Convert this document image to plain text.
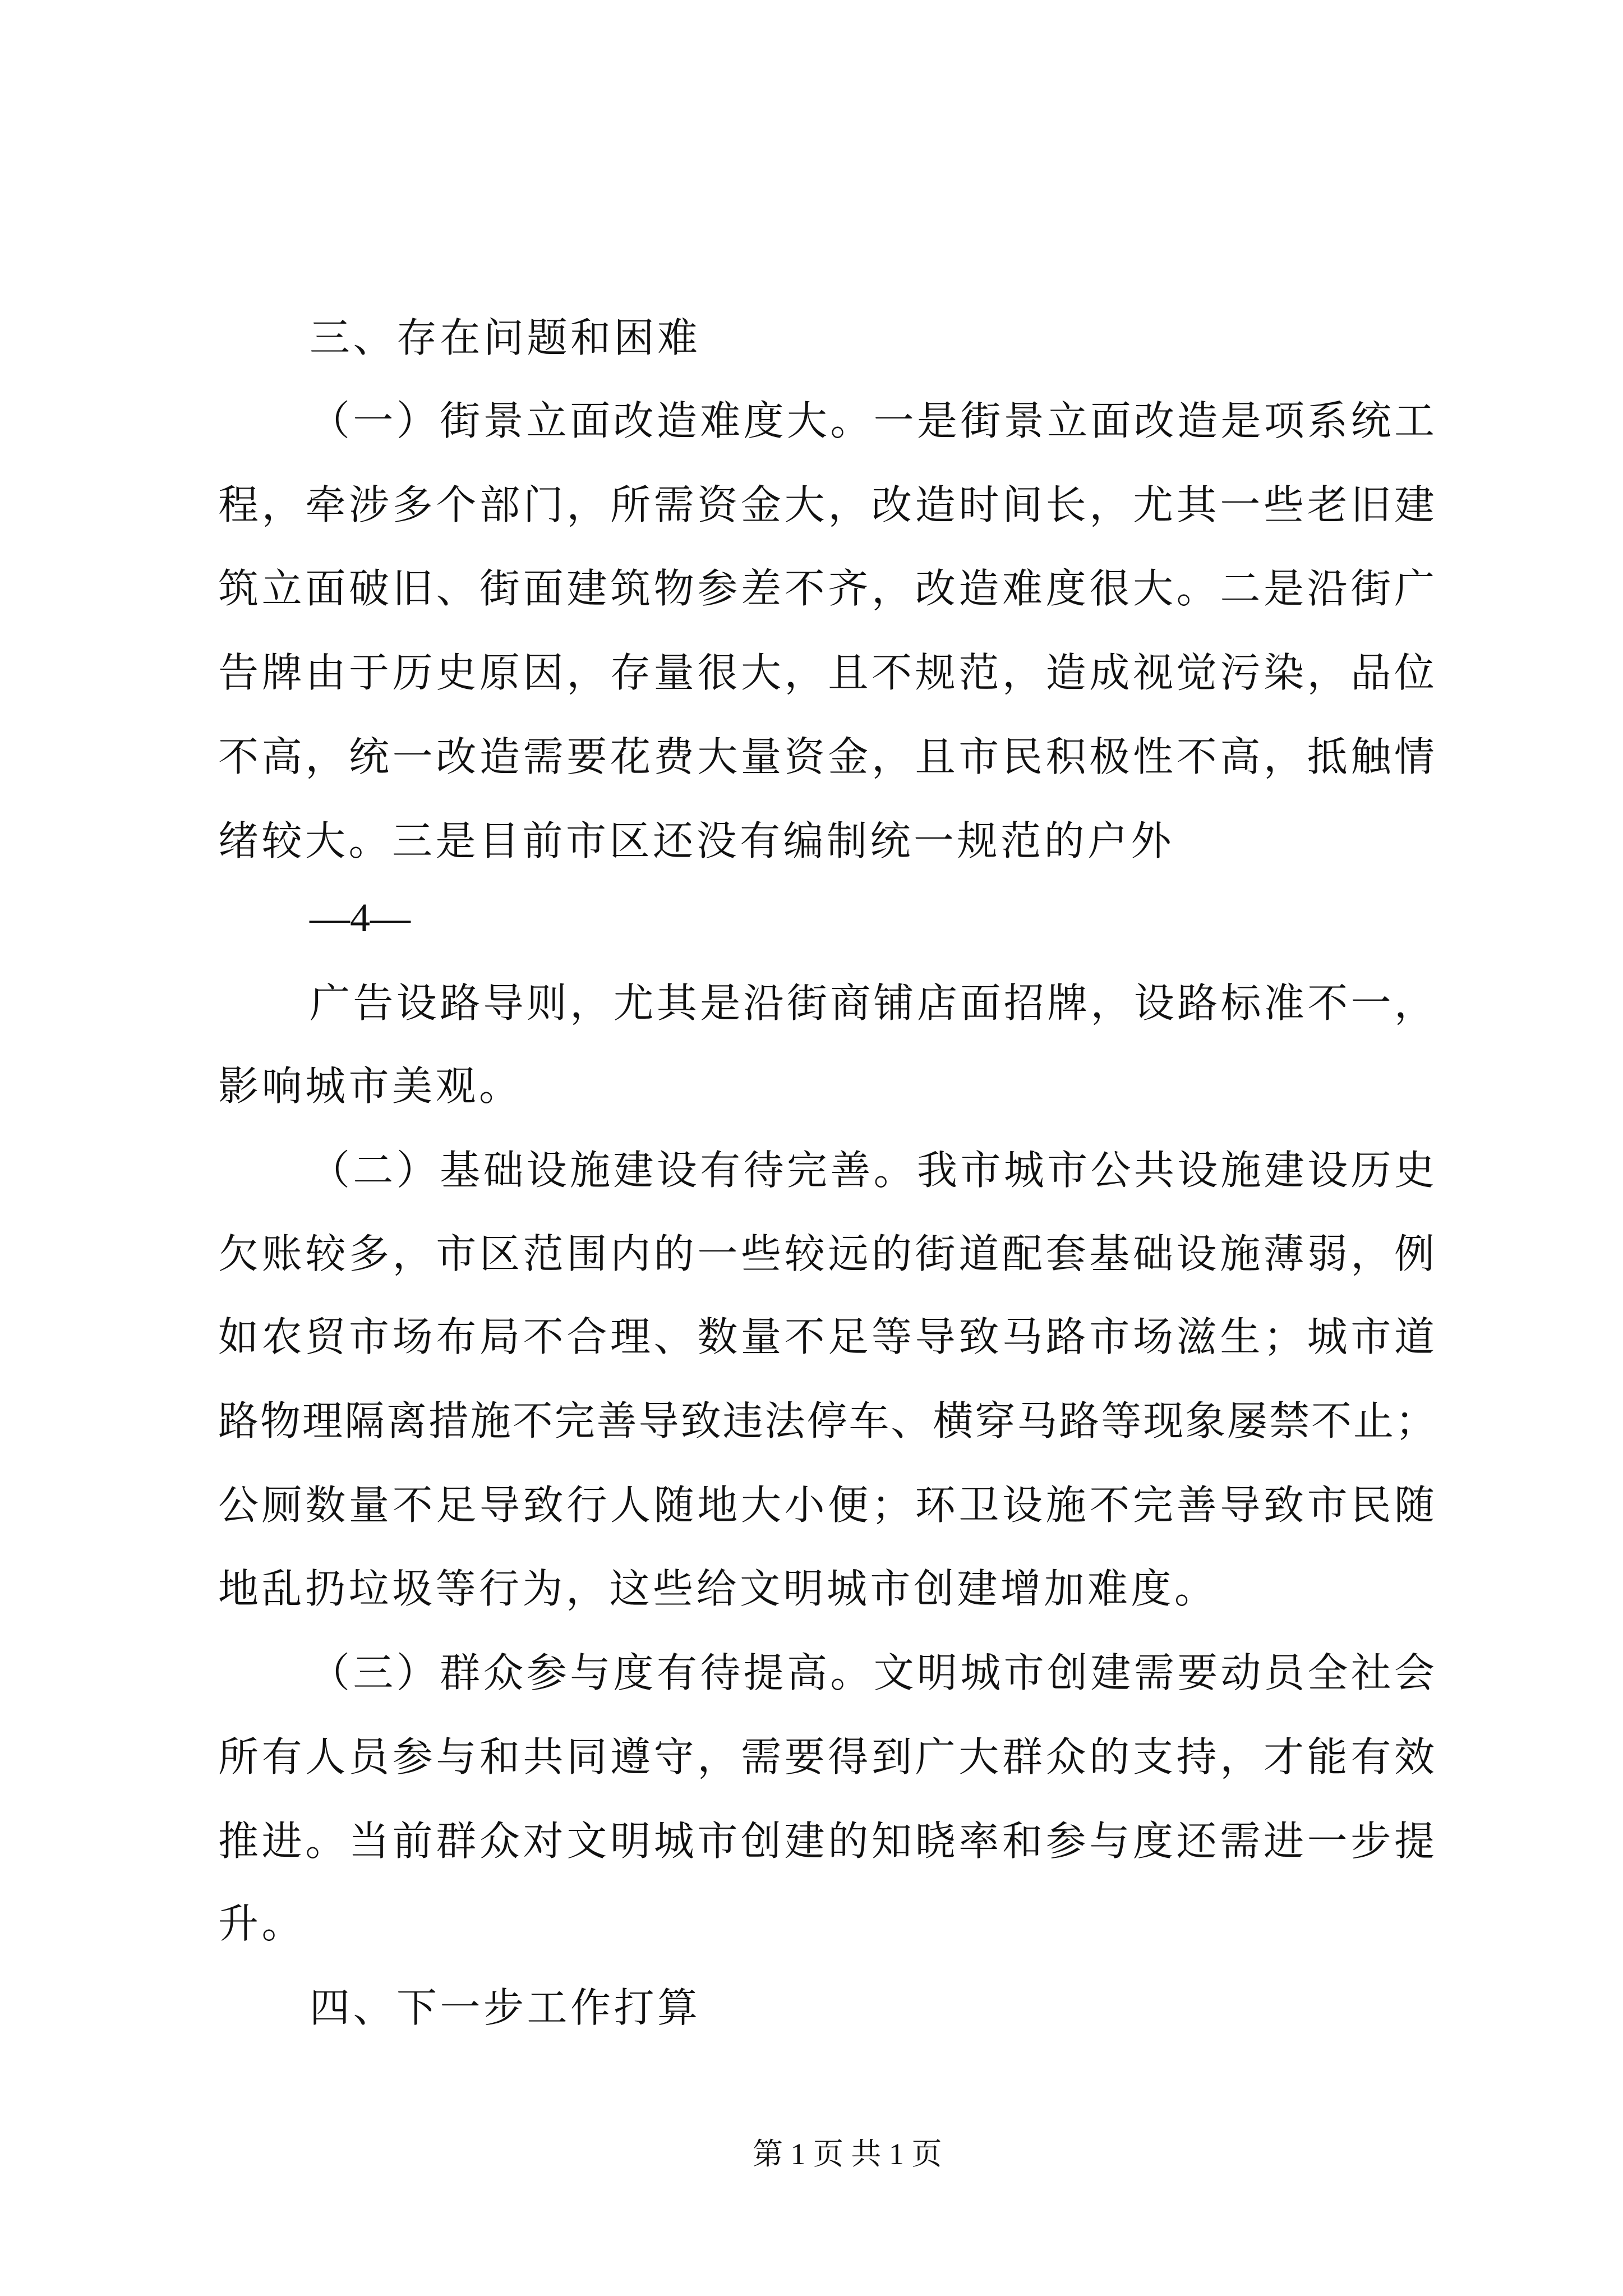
三、存在问题和困难
（一）街景立面改造难度大。一是街景立面改造是项系统工
程，牵涉多个部门，所需资金大，改造时间长，尤其一些老旧建
筑立面破旧、街面建筑物参差不齐，改造难度很大。二是沿街广
告牌由于历史原因，存量很大，且不规范，造成视觉污染，品位
不高，统一改造需要花费大量资金，且市民积极性不高，抵触情
绪较大。三是目前市区还没有编制统一规范的户外
—4—
广告设路导则，尤其是沿街商铺店面招牌，设路标准不一，
影响城市美观。
（二）基础设施建设有待完善。我市城市公共设施建设历史
欠账较多，市区范围内的一些较远的街道配套基础设施薄弱，例
如农贸市场布局不合理、数量不足等导致马路市场滋生；城市道
路物理隔离措施不完善导致违法停车、横穿马路等现象屡禁不止；
公厕数量不足导致行人随地大小便；环卫设施不完善导致市民随
地乱扔垃圾等行为，这些给文明城市创建增加难度。
（三）群众参与度有待提高。文明城市创建需要动员全社会
所有人员参与和共同遵守，需要得到广大群众的支持，才能有效
推进。当前群众对文明城市创建的知晓率和参与度还需进一步提
升。
四、下一步工作打算
第 1 页 共 1 页
